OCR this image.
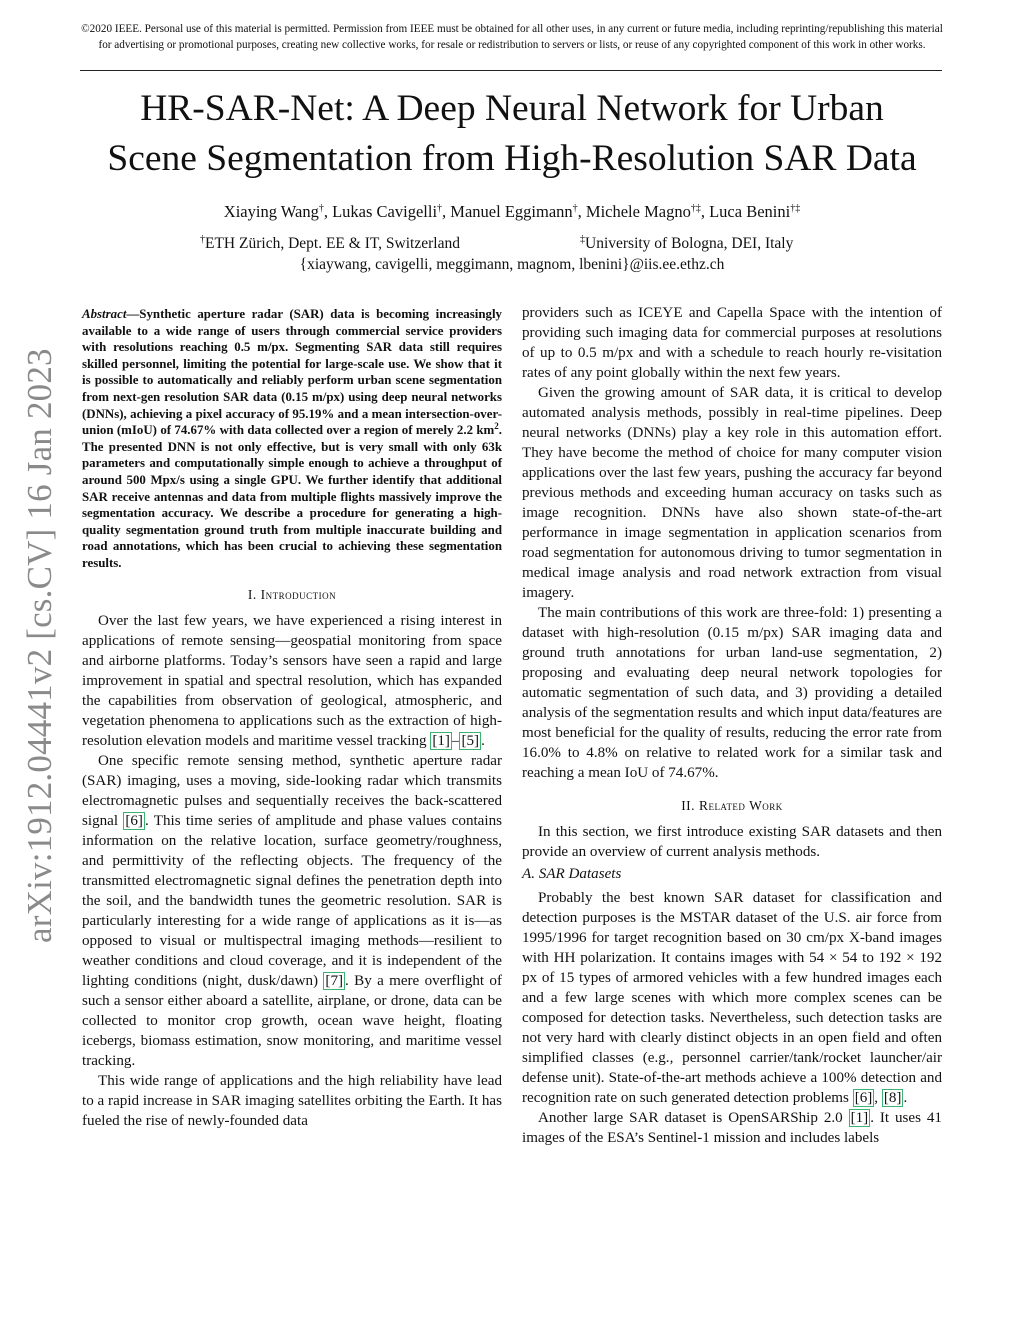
©2020 IEEE. Personal use of this material is permitted. Permission from IEEE must be obtained for all other uses, in any current or future media, including reprinting/republishing this material for advertising or promotional purposes, creating new collective works, for resale or redistribution to servers or lists, or reuse of any copyrighted component of this work in other works.
arXiv:1912.04441v2 [cs.CV] 16 Jan 2023
HR-SAR-Net: A Deep Neural Network for Urban
Scene Segmentation from High-Resolution SAR Data
Xiaying Wang†, Lukas Cavigelli†, Manuel Eggimann†, Michele Magno†‡, Luca Benini†‡
†ETH Zürich, Dept. EE & IT, Switzerland	‡University of Bologna, DEI, Italy
{xiaywang, cavigelli, meggimann, magnom, lbenini}@iis.ee.ethz.ch

Abstract—Synthetic aperture radar (SAR) data is becoming increasingly available to a wide range of users through commercial service providers with resolutions reaching 0.5 m/px. Segmenting SAR data still requires skilled personnel, limiting the potential for large-scale use. We show that it is possible to automatically and reliably perform urban scene segmentation from next-gen resolution SAR data (0.15 m/px) using deep neural networks (DNNs), achieving a pixel accuracy of 95.19% and a mean intersection-over-union (mIoU) of 74.67% with data collected over a region of merely 2.2 $km^2$. The presented DNN is not only effective, but is very small with only 63k parameters and computationally simple enough to achieve a throughput of around 500 Mpx/s using a single GPU. We further identify that additional SAR receive antennas and data from multiple flights massively improve the segmentation accuracy. We describe a procedure for generating a high-quality segmentation ground truth from multiple inaccurate building and road annotations, which has been crucial to achieving these segmentation results.

I. Introduction

Over the last few years, we have experienced a rising interest in applications of remote sensing—geospatial monitoring from space and airborne platforms. Today’s sensors have seen a rapid and large improvement in spatial and spectral resolution, which has expanded the capabilities from observation of geological, atmospheric, and vegetation phenomena to applications such as the extraction of high-resolution elevation models and maritime vessel tracking [1] – [5] .

One specific remote sensing method, synthetic aperture radar (SAR) imaging, uses a moving, side-looking radar which transmits electromagnetic pulses and sequentially receives the back-scattered signal [6] . This time series of amplitude and phase values contains information on the relative location, surface geometry/roughness, and permittivity of the reflecting objects. The frequency of the transmitted electromagnetic signal defines the penetration depth into the soil, and the bandwidth tunes the geometric resolution. SAR is particularly interesting for a wide range of applications as it is—as opposed to visual or multispectral imaging methods—resilient to weather conditions and cloud coverage, and it is independent of the lighting conditions (night, dusk/dawn) [7] . By a mere overflight of such a sensor either aboard a satellite, airplane, or drone, data can be collected to monitor crop growth, ocean wave height, floating icebergs, biomass estimation, snow monitoring, and maritime vessel tracking.

This wide range of applications and the high reliability have lead to a rapid increase in SAR imaging satellites orbiting the Earth. It has fueled the rise of newly-founded data

providers such as ICEYE and Capella Space with the intention of providing such imaging data for commercial purposes at resolutions of up to 0.5 m/px and with a schedule to reach hourly re-visitation rates of any point globally within the next few years.

Given the growing amount of SAR data, it is critical to develop automated analysis methods, possibly in real-time pipelines. Deep neural networks (DNNs) play a key role in this automation effort. They have become the method of choice for many computer vision applications over the last few years, pushing the accuracy far beyond previous methods and exceeding human accuracy on tasks such as image recognition. DNNs have also shown state-of-the-art performance in image segmentation in application scenarios from road segmentation for autonomous driving to tumor segmentation in medical image analysis and road network extraction from visual imagery.

The main contributions of this work are three-fold: 1) presenting a dataset with high-resolution (0.15 m/px) SAR imaging data and ground truth annotations for urban land-use segmentation, 2) proposing and evaluating deep neural network topologies for automatic segmentation of such data, and 3) providing a detailed analysis of the segmentation results and which input data/features are most beneficial for the quality of results, reducing the error rate from 16.0% to 4.8% on relative to related work for a similar task and reaching a mean IoU of 74.67%.

II. Related Work

In this section, we first introduce existing SAR datasets and then provide an overview of current analysis methods.

A. SAR Datasets

Probably the best known SAR dataset for classification and detection purposes is the MSTAR dataset of the U.S. air force from 1995/1996 for target recognition based on 30 cm/px X-band images with HH polarization. It contains images with 54 × 54 to 192 × 192 px of 15 types of armored vehicles with a few hundred images each and a few large scenes with which more complex scenes can be composed for detection tasks. Nevertheless, such detection tasks are not very hard with clearly distinct objects in an open field and often simplified classes (e.g., personnel carrier/tank/rocket launcher/air defense unit). State-of-the-art methods achieve a 100% detection and recognition rate on such generated detection problems [6] , [8] .

Another large SAR dataset is OpenSARShip 2.0 [1] . It uses 41 images of the ESA’s Sentinel-1 mission and includes labels
